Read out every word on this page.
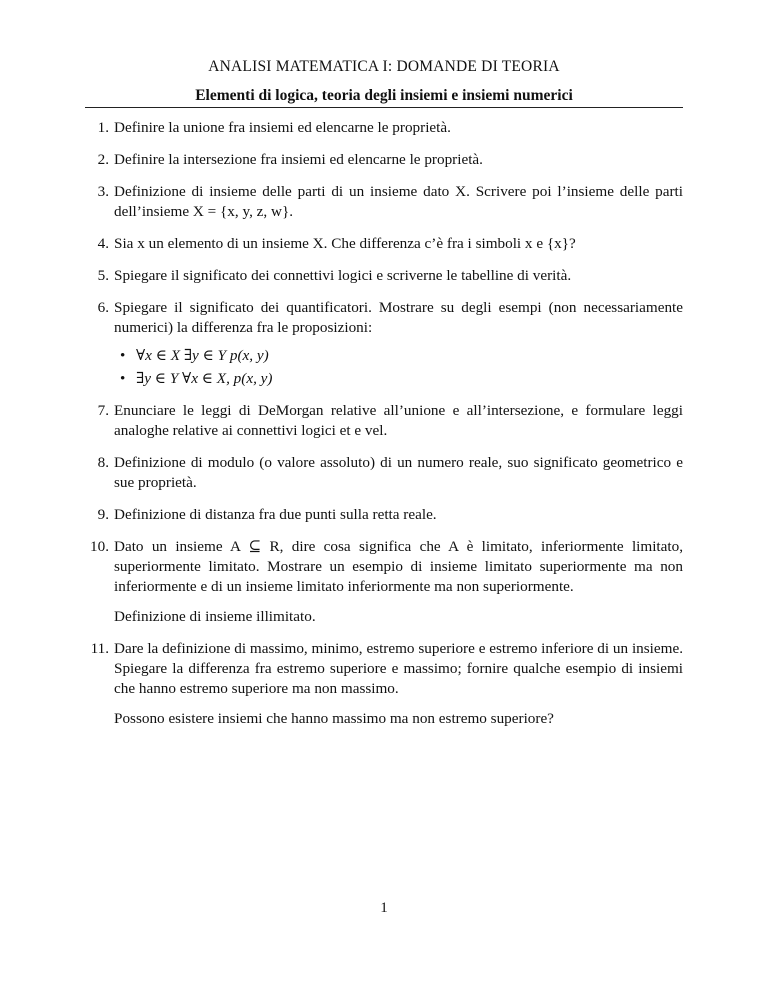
ANALISI MATEMATICA I: DOMANDE DI TEORIA
Elementi di logica, teoria degli insiemi e insiemi numerici
1. Definire la unione fra insiemi ed elencarne le proprietà.
2. Definire la intersezione fra insiemi ed elencarne le proprietà.
3. Definizione di insieme delle parti di un insieme dato X. Scrivere poi l’insieme delle parti dell’insieme X = {x, y, z, w}.
4. Sia x un elemento di un insieme X. Che differenza c’è fra i simboli x e {x}?
5. Spiegare il significato dei connettivi logici e scriverne le tabelline di verità.
6. Spiegare il significato dei quantificatori. Mostrare su degli esempi (non necessariamente numerici) la differenza fra le proposizioni:
• ∀x ∈ X ∃y ∈ Y p(x, y)
• ∃y ∈ Y ∀x ∈ X, p(x, y)
7. Enunciare le leggi di DeMorgan relative all’unione e all’intersezione, e formulare leggi analoghe relative ai connettivi logici et e vel.
8. Definizione di modulo (o valore assoluto) di un numero reale, suo significato geometrico e sue proprietà.
9. Definizione di distanza fra due punti sulla retta reale.
10. Dato un insieme A ⊆ R, dire cosa significa che A è limitato, inferiormente limitato, superiormente limitato. Mostrare un esempio di insieme limitato superiormente ma non inferiormente e di un insieme limitato inferiormente ma non superiormente.
Definizione di insieme illimitato.
11. Dare la definizione di massimo, minimo, estremo superiore e estremo inferiore di un insieme. Spiegare la differenza fra estremo superiore e massimo; fornire qualche esempio di insiemi che hanno estremo superiore ma non massimo.
Possono esistere insiemi che hanno massimo ma non estremo superiore?
1
